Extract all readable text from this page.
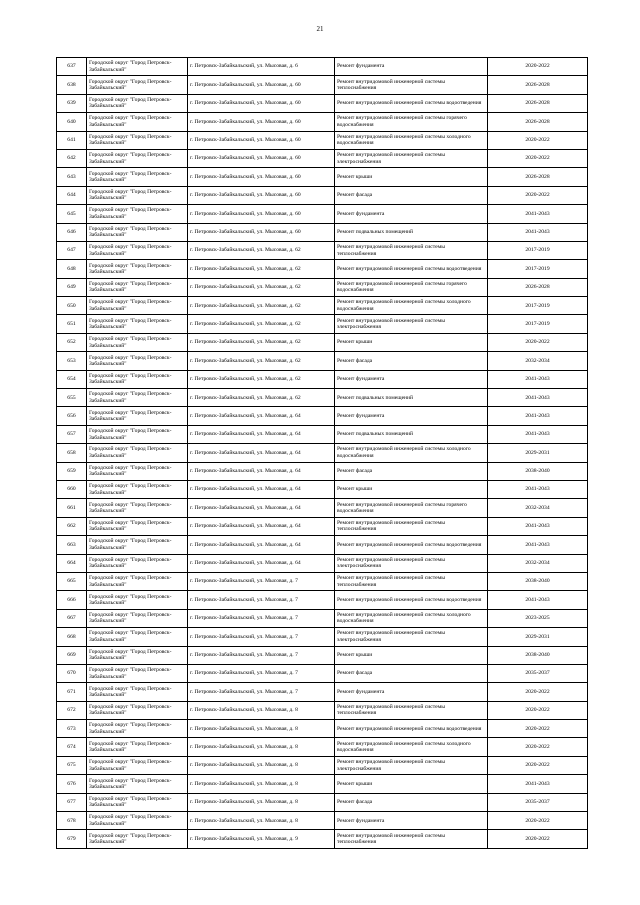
21
637	Городской округ "Город Петровск-Забайкальский"	г. Петровск-Забайкальский, ул. Мысовая, д. 6	Ремонт фундамента	2020-2022
638	Городской округ "Город Петровск-Забайкальский"	г. Петровск-Забайкальский, ул. Мысовая, д. 60	Ремонт внутридомовой инженерной системы теплоснабжения	2026-2028
639	Городской округ "Город Петровск-Забайкальский"	г. Петровск-Забайкальский, ул. Мысовая, д. 60	Ремонт внутридомовой инженерной системы водоотведения	2026-2028
640	Городской округ "Город Петровск-Забайкальский"	г. Петровск-Забайкальский, ул. Мысовая, д. 60	Ремонт внутридомовой инженерной системы горячего водоснабжения	2026-2028
641	Городской округ "Город Петровск-Забайкальский"	г. Петровск-Забайкальский, ул. Мысовая, д. 60	Ремонт внутридомовой инженерной системы холодного водоснабжения	2020-2022
642	Городской округ "Город Петровск-Забайкальский"	г. Петровск-Забайкальский, ул. Мысовая, д. 60	Ремонт внутридомовой инженерной системы электроснабжения	2020-2022
643	Городской округ "Город Петровск-Забайкальский"	г. Петровск-Забайкальский, ул. Мысовая, д. 60	Ремонт крыши	2026-2028
644	Городской округ "Город Петровск-Забайкальский"	г. Петровск-Забайкальский, ул. Мысовая, д. 60	Ремонт фасада	2020-2022
645	Городской округ "Город Петровск-Забайкальский"	г. Петровск-Забайкальский, ул. Мысовая, д. 60	Ремонт фундамента	2041-2043
646	Городской округ "Город Петровск-Забайкальский"	г. Петровск-Забайкальский, ул. Мысовая, д. 60	Ремонт подвальных помещений	2041-2043
647	Городской округ "Город Петровск-Забайкальский"	г. Петровск-Забайкальский, ул. Мысовая, д. 62	Ремонт внутридомовой инженерной системы теплоснабжения	2017-2019
648	Городской округ "Город Петровск-Забайкальский"	г. Петровск-Забайкальский, ул. Мысовая, д. 62	Ремонт внутридомовой инженерной системы водоотведения	2017-2019
649	Городской округ "Город Петровск-Забайкальский"	г. Петровск-Забайкальский, ул. Мысовая, д. 62	Ремонт внутридомовой инженерной системы горячего водоснабжения	2026-2028
650	Городской округ "Город Петровск-Забайкальский"	г. Петровск-Забайкальский, ул. Мысовая, д. 62	Ремонт внутридомовой инженерной системы холодного водоснабжения	2017-2019
651	Городской округ "Город Петровск-Забайкальский"	г. Петровск-Забайкальский, ул. Мысовая, д. 62	Ремонт внутридомовой инженерной системы электроснабжения	2017-2019
652	Городской округ "Город Петровск-Забайкальский"	г. Петровск-Забайкальский, ул. Мысовая, д. 62	Ремонт крыши	2020-2022
653	Городской округ "Город Петровск-Забайкальский"	г. Петровск-Забайкальский, ул. Мысовая, д. 62	Ремонт фасада	2032-2034
654	Городской округ "Город Петровск-Забайкальский"	г. Петровск-Забайкальский, ул. Мысовая, д. 62	Ремонт фундамента	2041-2043
655	Городской округ "Город Петровск-Забайкальский"	г. Петровск-Забайкальский, ул. Мысовая, д. 62	Ремонт подвальных помещений	2041-2043
656	Городской округ "Город Петровск-Забайкальский"	г. Петровск-Забайкальский, ул. Мысовая, д. 64	Ремонт фундамента	2041-2043
657	Городской округ "Город Петровск-Забайкальский"	г. Петровск-Забайкальский, ул. Мысовая, д. 64	Ремонт подвальных помещений	2041-2043
658	Городской округ "Город Петровск-Забайкальский"	г. Петровск-Забайкальский, ул. Мысовая, д. 64	Ремонт внутридомовой инженерной системы холодного водоснабжения	2029-2031
659	Городской округ "Город Петровск-Забайкальский"	г. Петровск-Забайкальский, ул. Мысовая, д. 64	Ремонт фасада	2038-2040
660	Городской округ "Город Петровск-Забайкальский"	г. Петровск-Забайкальский, ул. Мысовая, д. 64	Ремонт крыши	2041-2043
661	Городской округ "Город Петровск-Забайкальский"	г. Петровск-Забайкальский, ул. Мысовая, д. 64	Ремонт внутридомовой инженерной системы горячего водоснабжения	2032-2034
662	Городской округ "Город Петровск-Забайкальский"	г. Петровск-Забайкальский, ул. Мысовая, д. 64	Ремонт внутридомовой инженерной системы теплоснабжения	2041-2043
663	Городской округ "Город Петровск-Забайкальский"	г. Петровск-Забайкальский, ул. Мысовая, д. 64	Ремонт внутридомовой инженерной системы водоотведения	2041-2043
664	Городской округ "Город Петровск-Забайкальский"	г. Петровск-Забайкальский, ул. Мысовая, д. 64	Ремонт внутридомовой инженерной системы электроснабжения	2032-2034
665	Городской округ "Город Петровск-Забайкальский"	г. Петровск-Забайкальский, ул. Мысовая, д. 7	Ремонт внутридомовой инженерной системы теплоснабжения	2038-2040
666	Городской округ "Город Петровск-Забайкальский"	г. Петровск-Забайкальский, ул. Мысовая, д. 7	Ремонт внутридомовой инженерной системы водоотведения	2041-2043
667	Городской округ "Город Петровск-Забайкальский"	г. Петровск-Забайкальский, ул. Мысовая, д. 7	Ремонт внутридомовой инженерной системы холодного водоснабжения	2023-2025
668	Городской округ "Город Петровск-Забайкальский"	г. Петровск-Забайкальский, ул. Мысовая, д. 7	Ремонт внутридомовой инженерной системы электроснабжения	2029-2031
669	Городской округ "Город Петровск-Забайкальский"	г. Петровск-Забайкальский, ул. Мысовая, д. 7	Ремонт крыши	2038-2040
670	Городской округ "Город Петровск-Забайкальский"	г. Петровск-Забайкальский, ул. Мысовая, д. 7	Ремонт фасада	2035-2037
671	Городской округ "Город Петровск-Забайкальский"	г. Петровск-Забайкальский, ул. Мысовая, д. 7	Ремонт фундамента	2020-2022
672	Городской округ "Город Петровск-Забайкальский"	г. Петровск-Забайкальский, ул. Мысовая, д. 8	Ремонт внутридомовой инженерной системы теплоснабжения	2020-2022
673	Городской округ "Город Петровск-Забайкальский"	г. Петровск-Забайкальский, ул. Мысовая, д. 8	Ремонт внутридомовой инженерной системы водоотведения	2020-2022
674	Городской округ "Город Петровск-Забайкальский"	г. Петровск-Забайкальский, ул. Мысовая, д. 8	Ремонт внутридомовой инженерной системы холодного водоснабжения	2020-2022
675	Городской округ "Город Петровск-Забайкальский"	г. Петровск-Забайкальский, ул. Мысовая, д. 8	Ремонт внутридомовой инженерной системы электроснабжения	2020-2022
676	Городской округ "Город Петровск-Забайкальский"	г. Петровск-Забайкальский, ул. Мысовая, д. 8	Ремонт крыши	2041-2043
677	Городской округ "Город Петровск-Забайкальский"	г. Петровск-Забайкальский, ул. Мысовая, д. 8	Ремонт фасада	2035-2037
678	Городской округ "Город Петровск-Забайкальский"	г. Петровск-Забайкальский, ул. Мысовая, д. 8	Ремонт фундамента	2020-2022
679	Городской округ "Город Петровск-Забайкальский"	г. Петровск-Забайкальский, ул. Мысовая, д. 9	Ремонт внутридомовой инженерной системы теплоснабжения	2020-2022
